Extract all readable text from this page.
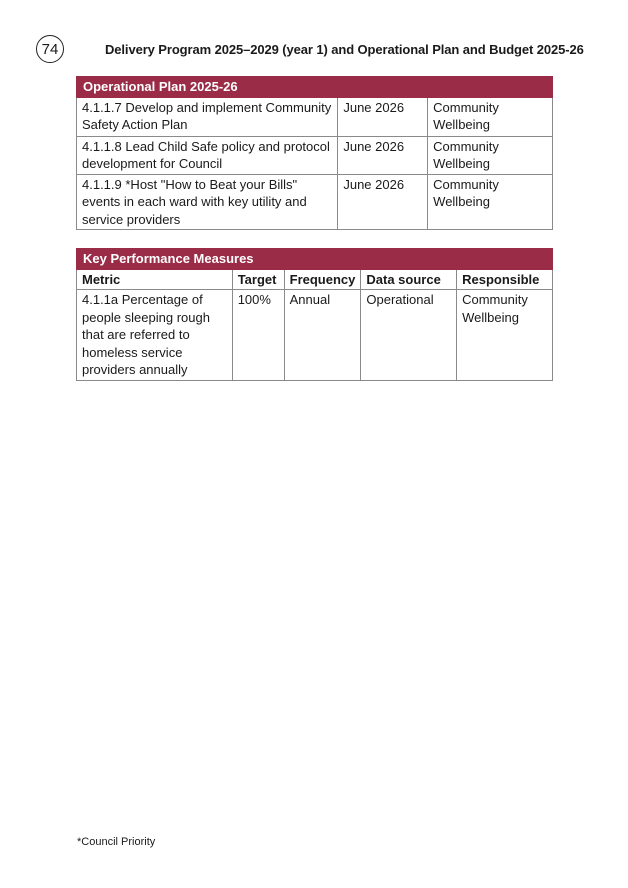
74	Delivery Program 2025–2029 (year 1) and Operational Plan and Budget 2025-26
Operational Plan 2025-26		
4.1.1.7 Develop and implement Community Safety Action Plan	June 2026	Community Wellbeing
4.1.1.8 Lead Child Safe policy and protocol development for Council	June 2026	Community Wellbeing
4.1.1.9 *Host "How to Beat your Bills" events in each ward with key utility and service providers	June 2026	Community Wellbeing
Key Performance Measures				
Metric	Target	Frequency	Data source	Responsible
4.1.1a Percentage of people sleeping rough that are referred to homeless service providers annually	100%	Annual	Operational	Community Wellbeing
*Council Priority
